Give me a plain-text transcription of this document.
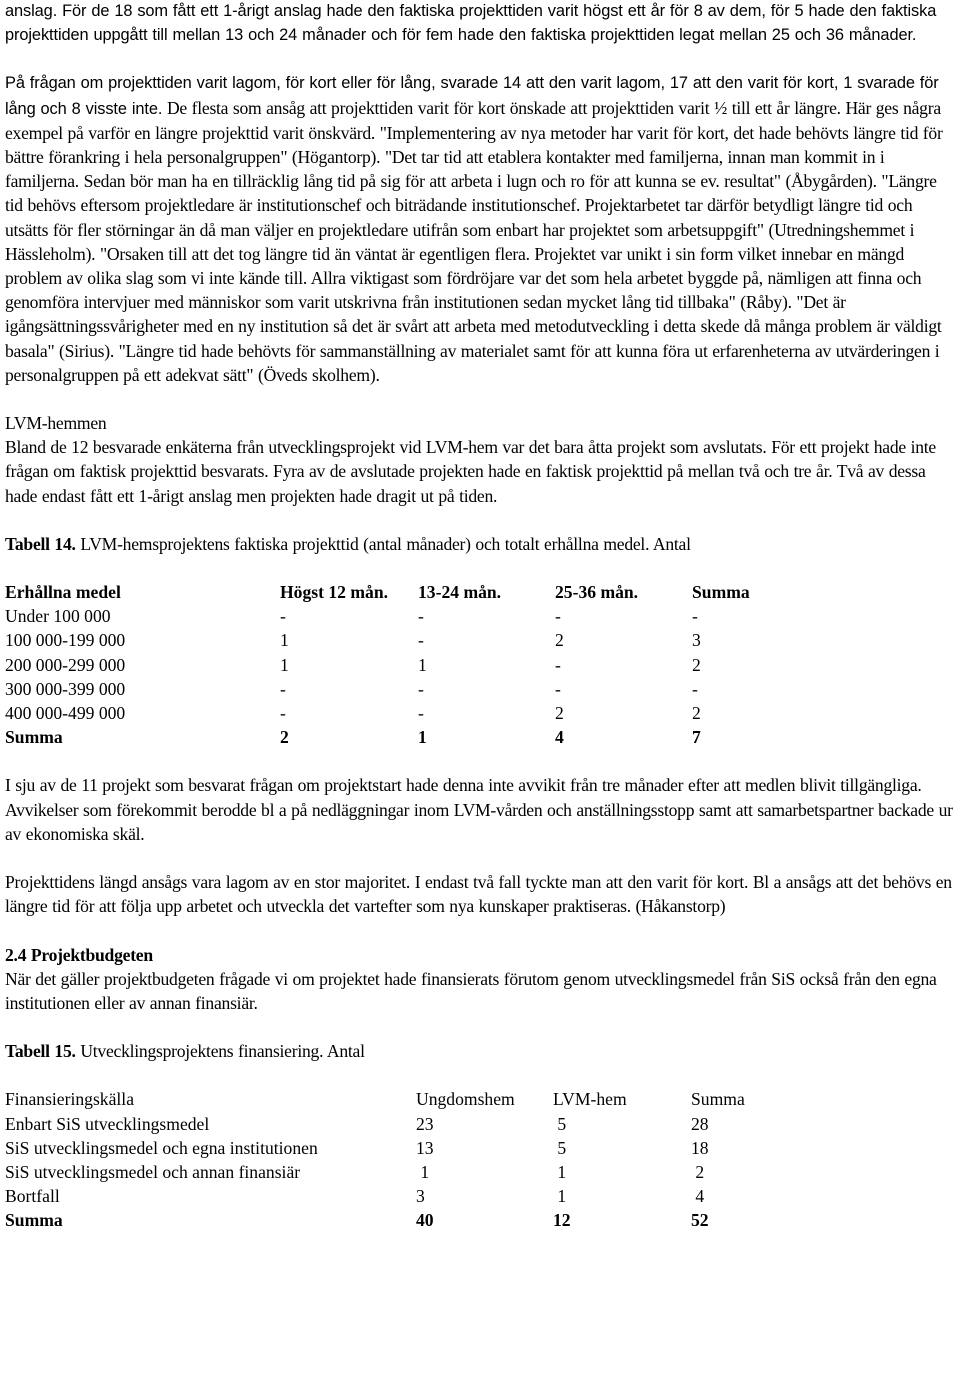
anslag. För de 18 som fått ett 1-årigt anslag hade den faktiska projekttiden varit högst ett år för 8 av dem, för 5 hade den faktiska projekttiden uppgått till mellan 13 och 24 månader och för fem hade den faktiska projekttiden legat mellan 25 och 36 månader.

På frågan om projekttiden varit lagom, för kort eller för lång, svarade 14 att den varit lagom, 17 att den varit för kort, 1 svarade för lång och 8 visste inte. De flesta som ansåg att projekttiden varit för kort önskade att projekttiden varit ½ till ett år längre. Här ges några exempel på varför en längre projekttid varit önskvärd. "Implementering av nya metoder har varit för kort, det hade behövts längre tid för bättre förankring i hela personalgruppen" (Högantorp). "Det tar tid att etablera kontakter med familjerna, innan man kommit in i familjerna. Sedan bör man ha en tillräcklig lång tid på sig för att arbeta i lugn och ro för att kunna se ev. resultat" (Åbygården). "Längre tid behövs eftersom projektledare är institutionschef och biträdande institutionschef. Projektarbetet tar därför betydligt längre tid och utsätts för fler störningar än då man väljer en projektledare utifrån som enbart har projektet som arbetsuppgift" (Utredningshemmet i Hässleholm). "Orsaken till att det tog längre tid än väntat är egentligen flera. Projektet var unikt i sin form vilket innebar en mängd problem av olika slag som vi inte kände till. Allra viktigast som fördröjare var det som hela arbetet byggde på, nämligen att finna och genomföra intervjuer med människor som varit utskrivna från institutionen sedan mycket lång tid tillbaka" (Råby). "Det är igångsättningssvårigheter med en ny institution så det är svårt att arbeta med metodutveckling i detta skede då många problem är väldigt basala" (Sirius). "Längre tid hade behövts för sammanställning av materialet samt för att kunna föra ut erfarenheterna av utvärderingen i personalgruppen på ett adekvat sätt" (Öveds skolhem).

LVM-hemmen

Bland de 12 besvarade enkäterna från utvecklingsprojekt vid LVM-hem var det bara åtta projekt som avslutats. För ett projekt hade inte frågan om faktisk projekttid besvarats. Fyra av de avslutade projekten hade en faktisk projekttid på mellan två och tre år. Två av dessa hade endast fått ett 1-årigt anslag men projekten hade dragit ut på tiden.

Tabell 14. LVM-hemsprojektens faktiska projekttid (antal månader) och totalt erhållna medel. Antal

Erhållna medel	Högst 12 mån.	13-24 mån.	25-36 mån.	Summa
Under 100 000	-	-	-	-
100 000-199 000	1	-	2	3
200 000-299 000	1	1	-	2
300 000-399 000	-	-	-	-
400 000-499 000	-	-	2	2
Summa	2	1	4	7

I sju av de 11 projekt som besvarat frågan om projektstart hade denna inte avvikit från tre månader efter att medlen blivit tillgängliga. Avvikelser som förekommit berodde bl a på nedläggningar inom LVM-vården och anställningsstopp samt att samarbetspartner backade ur av ekonomiska skäl.

Projekttidens längd ansågs vara lagom av en stor majoritet. I endast två fall tyckte man att den varit för kort. Bl a ansågs att det behövs en längre tid för att följa upp arbetet och utveckla det vartefter som nya kunskaper praktiseras. (Håkanstorp)

2.4 Projektbudgeten

När det gäller projektbudgeten frågade vi om projektet hade finansierats förutom genom utvecklingsmedel från SiS också från den egna institutionen eller av annan finansiär.

Tabell 15. Utvecklingsprojektens finansiering. Antal

Finansieringskälla	Ungdomshem	LVM-hem	Summa
Enbart SiS utvecklingsmedel	23	5	28
SiS utvecklingsmedel och egna institutionen	13	5	18
SiS utvecklingsmedel och annan finansiär	1	1	2
Bortfall	3	1	4
Summa	40	12	52
